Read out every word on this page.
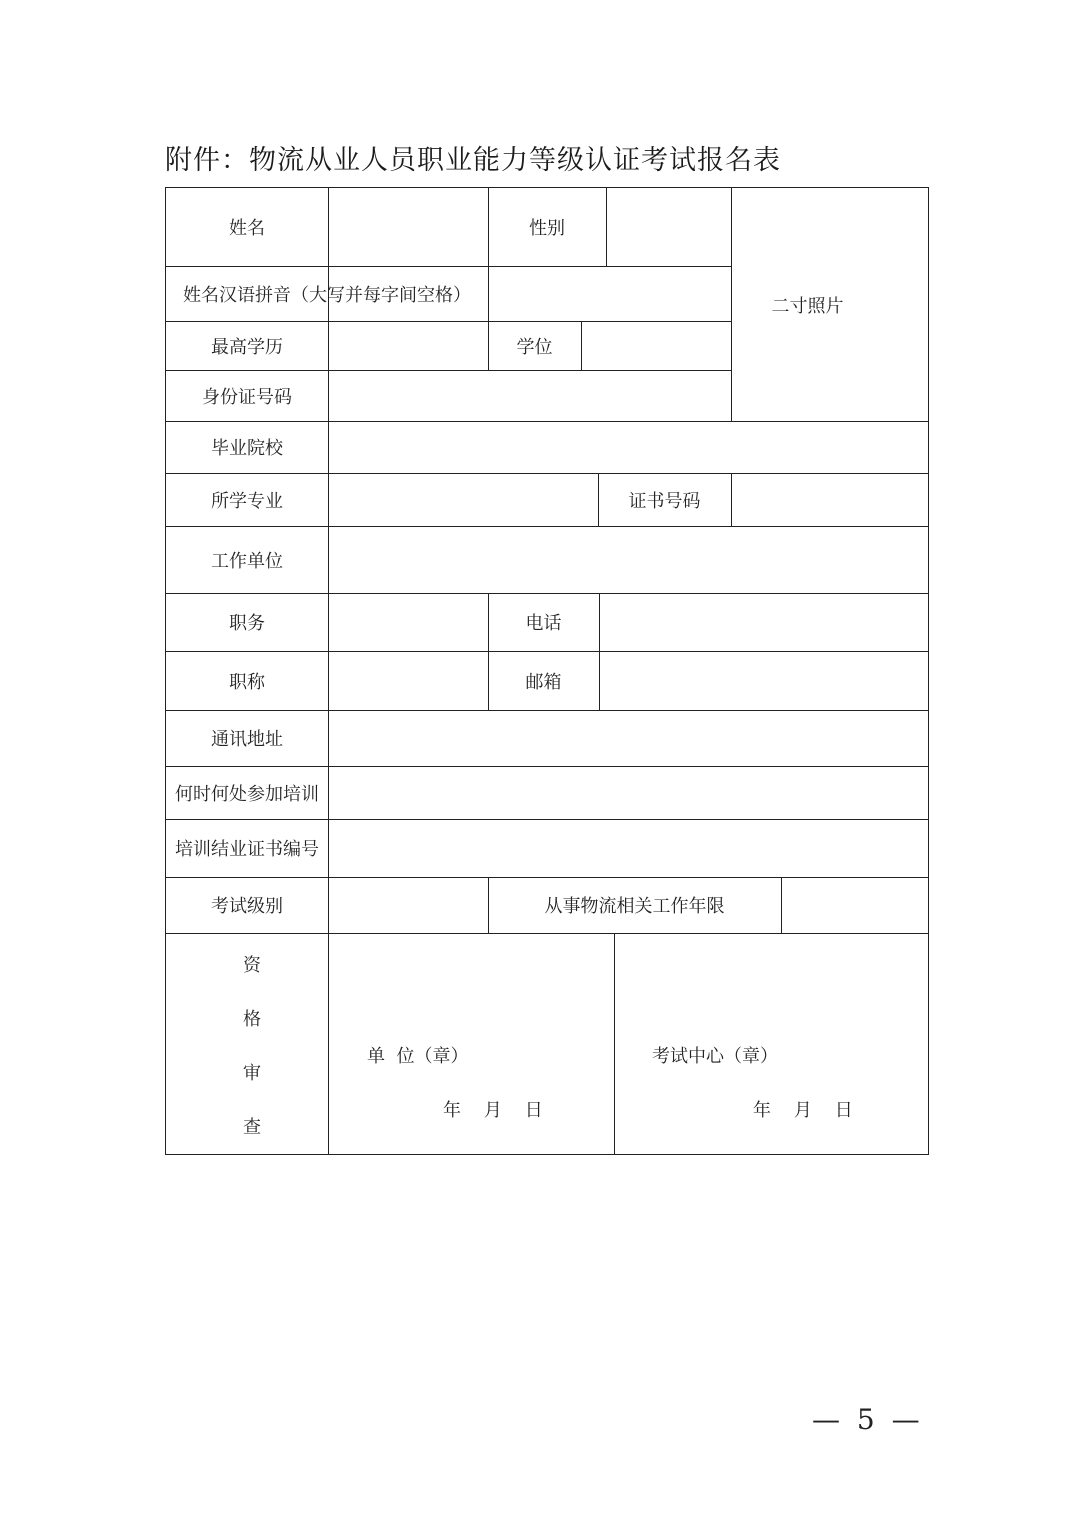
附件：物流从业人员职业能力等级认证考试报名表
姓名	性别
二寸照片
姓名汉语拼音（大写并每字间空格）
最高学历	学位
身份证号码
毕业院校
所学专业	证书号码
工作单位
职务	电话
职称	邮箱
通讯地址
何时何处参加培训
培训结业证书编号
考试级别	从事物流相关工作年限
资
格
审
查
单  位（章）
年    月    日
考试中心（章）
年    月    日
— 5 —
